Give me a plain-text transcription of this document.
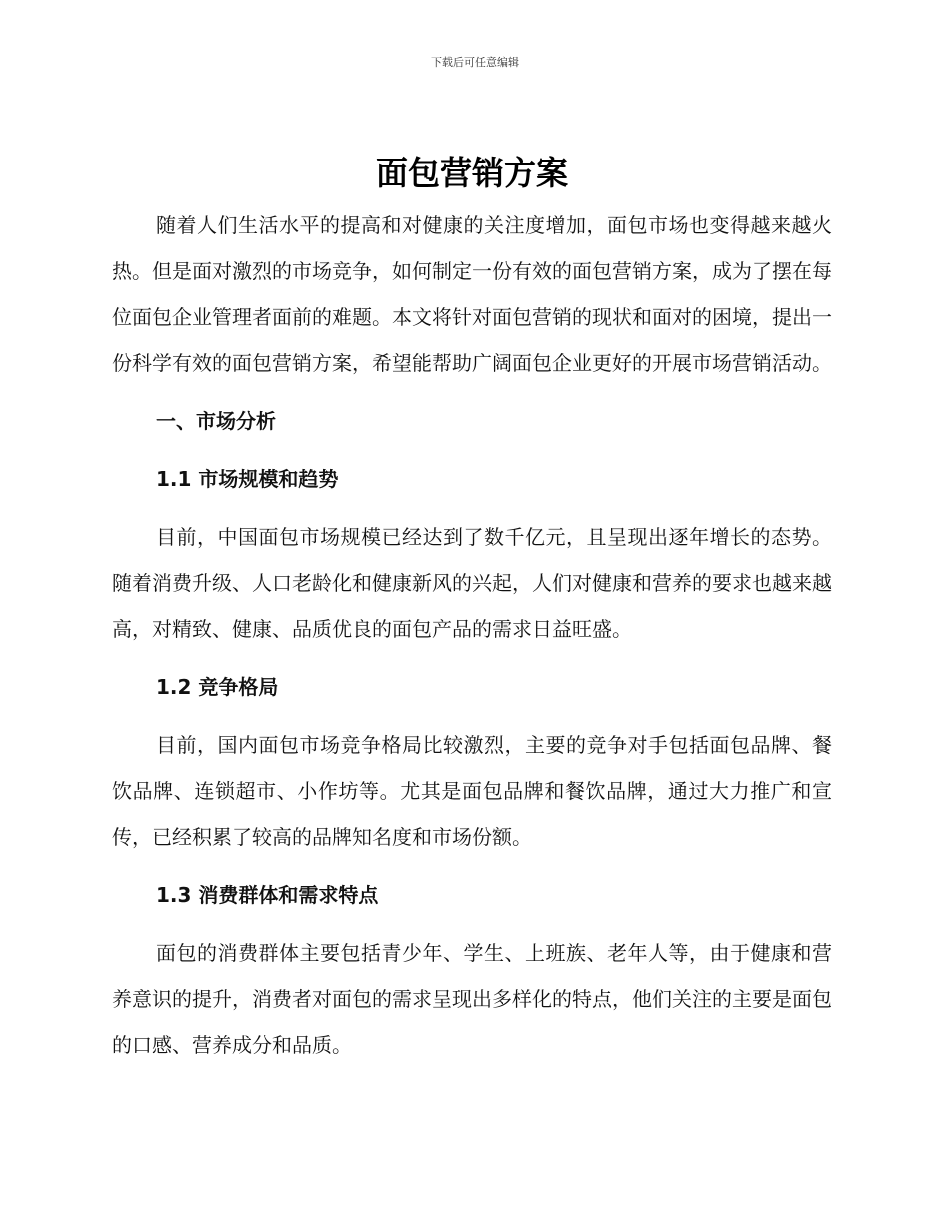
下载后可任意编辑
面包营销方案

随着人们生活水平的提高和对健康的关注度增加，面包市场也变得越来越火热。但是面对激烈的市场竞争，如何制定一份有效的面包营销方案，成为了摆在每位面包企业管理者面前的难题。本文将针对面包营销的现状和面对的困境，提出一份科学有效的面包营销方案，希望能帮助广阔面包企业更好的开展市场营销活动。

一、市场分析
1.1 市场规模和趋势

目前，中国面包市场规模已经达到了数千亿元，且呈现出逐年增长的态势。随着消费升级、人口老龄化和健康新风的兴起，人们对健康和营养的要求也越来越高，对精致、健康、品质优良的面包产品的需求日益旺盛。

1.2 竞争格局

目前，国内面包市场竞争格局比较激烈，主要的竞争对手包括面包品牌、餐饮品牌、连锁超市、小作坊等。尤其是面包品牌和餐饮品牌，通过大力推广和宣传，已经积累了较高的品牌知名度和市场份额。

1.3 消费群体和需求特点

面包的消费群体主要包括青少年、学生、上班族、老年人等，由于健康和营养意识的提升，消费者对面包的需求呈现出多样化的特点，他们关注的主要是面包的口感、营养成分和品质。
